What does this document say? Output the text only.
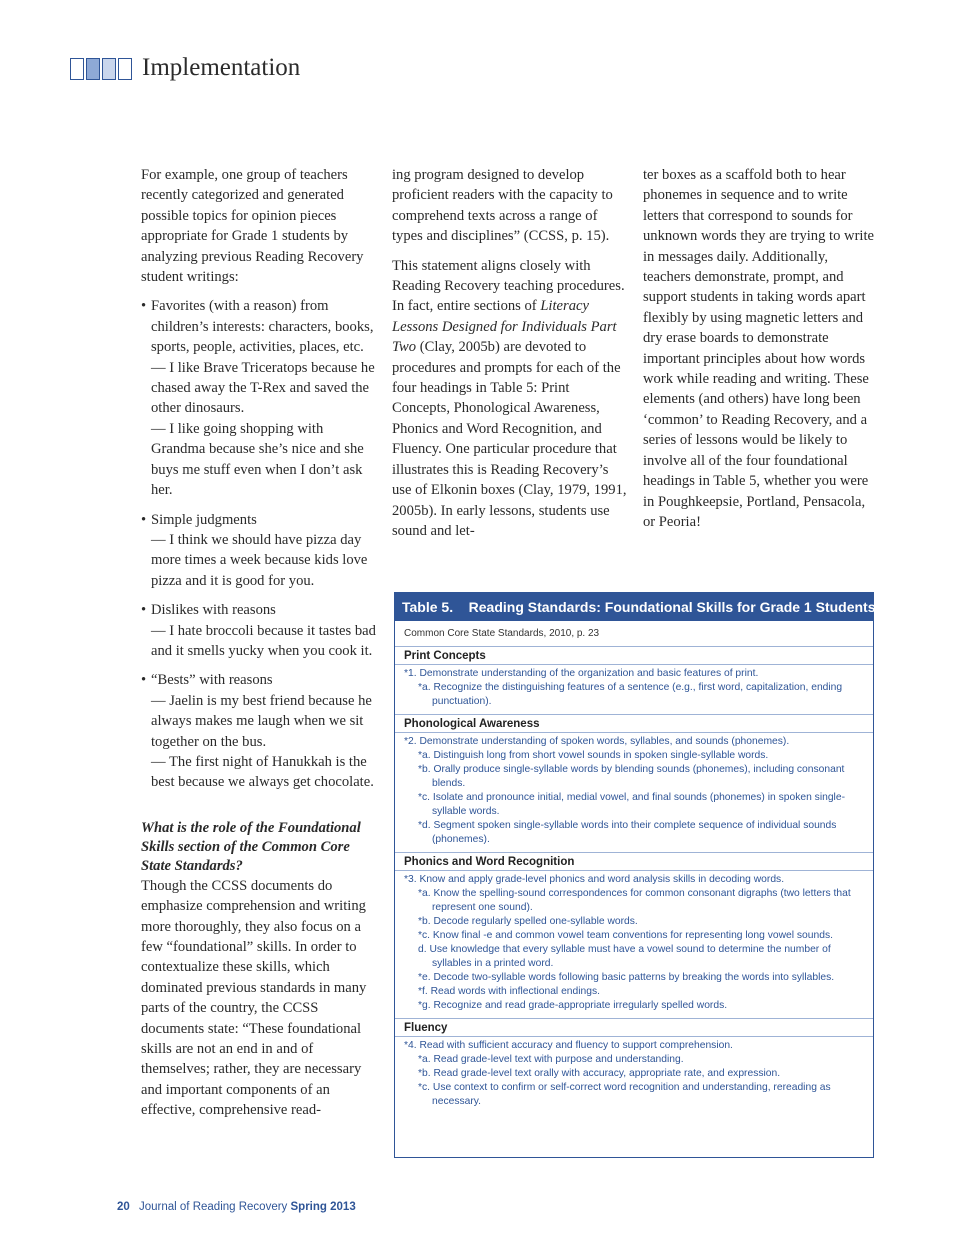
Implementation

For example, one group of teachers recently categorized and generated possible topics for opinion pieces appropriate for Grade 1 students by analyzing previous Reading Recovery student writings:

• Favorites (with a reason) from children’s interests: characters, books, sports, people, activities, places, etc.
— I like Brave Triceratops because he chased away the T-Rex and saved the other dinosaurs.
— I like going shopping with Grandma because she’s nice and she buys me stuff even when I don’t ask her.
• Simple judgments
— I think we should have pizza day more times a week because kids love pizza and it is good for you.
• Dislikes with reasons
— I hate broccoli because it tastes bad and it smells yucky when you cook it.
• “Bests” with reasons
— Jaelin is my best friend because he always makes me laugh when we sit together on the bus.
— The first night of Hanukkah is the best because we always get chocolate.
What is the role of the Foundational Skills section of the Common Core State Standards?

Though the CCSS documents do emphasize comprehension and writing more thoroughly, they also focus on a few “foundational” skills. In order to contextualize these skills, which dominated previous standards in many parts of the country, the CCSS documents state: “These foundational skills are not an end in and of themselves; rather, they are necessary and important components of an effective, comprehensive read-

ing program designed to develop proficient readers with the capacity to comprehend texts across a range of types and disciplines” (CCSS, p. 15).

This statement aligns closely with Reading Recovery teaching procedures. In fact, entire sections of Literacy Lessons Designed for Individuals Part Two (Clay, 2005b) are devoted to procedures and prompts for each of the four headings in Table 5: Print Concepts, Phonological Awareness, Phonics and Word Recognition, and Fluency. One particular procedure that illustrates this is Reading Recovery’s use of Elkonin boxes (Clay, 1979, 1991, 2005b). In early lessons, students use sound and let-

ter boxes as a scaffold both to hear phonemes in sequence and to write letters that correspond to sounds for unknown words they are trying to write in messages daily. Additionally, teachers demonstrate, prompt, and support students in taking words apart flexibly by using magnetic letters and dry erase boards to demonstrate important principles about how words work while reading and writing. These elements (and others) have long been ‘common’ to Reading Recovery, and a series of lessons would be likely to involve all of the four foundational headings in Table 5, whether you were in Poughkeepsie, Portland, Pensacola, or Peoria!

Table 5. Reading Standards: Foundational Skills for Grade 1 Students
Common Core State Standards, 2010, p. 23
Print Concepts
*1. Demonstrate understanding of the organization and basic features of print.
*a. Recognize the distinguishing features of a sentence (e.g., first word, capitalization, ending punctuation).
Phonological Awareness
*2. Demonstrate understanding of spoken words, syllables, and sounds (phonemes).
*a. Distinguish long from short vowel sounds in spoken single-syllable words.
*b. Orally produce single-syllable words by blending sounds (phonemes), including consonant blends.
*c. Isolate and pronounce initial, medial vowel, and final sounds (phonemes) in spoken single-syllable words.
*d. Segment spoken single-syllable words into their complete sequence of individual sounds (phonemes).
Phonics and Word Recognition
*3. Know and apply grade-level phonics and word analysis skills in decoding words.
*a. Know the spelling-sound correspondences for common consonant digraphs (two letters that represent one sound).
*b. Decode regularly spelled one-syllable words.
*c. Know final -e and common vowel team conventions for representing long vowel sounds.
d. Use knowledge that every syllable must have a vowel sound to determine the number of syllables in a printed word.
*e. Decode two-syllable words following basic patterns by breaking the words into syllables.
*f. Read words with inflectional endings.
*g. Recognize and read grade-appropriate irregularly spelled words.
Fluency
*4. Read with sufficient accuracy and fluency to support comprehension.
*a. Read grade-level text with purpose and understanding.
*b. Read grade-level text orally with accuracy, appropriate rate, and expression.
*c. Use context to confirm or self-correct word recognition and understanding, rereading as necessary.
20 Journal of Reading Recovery Spring 2013
